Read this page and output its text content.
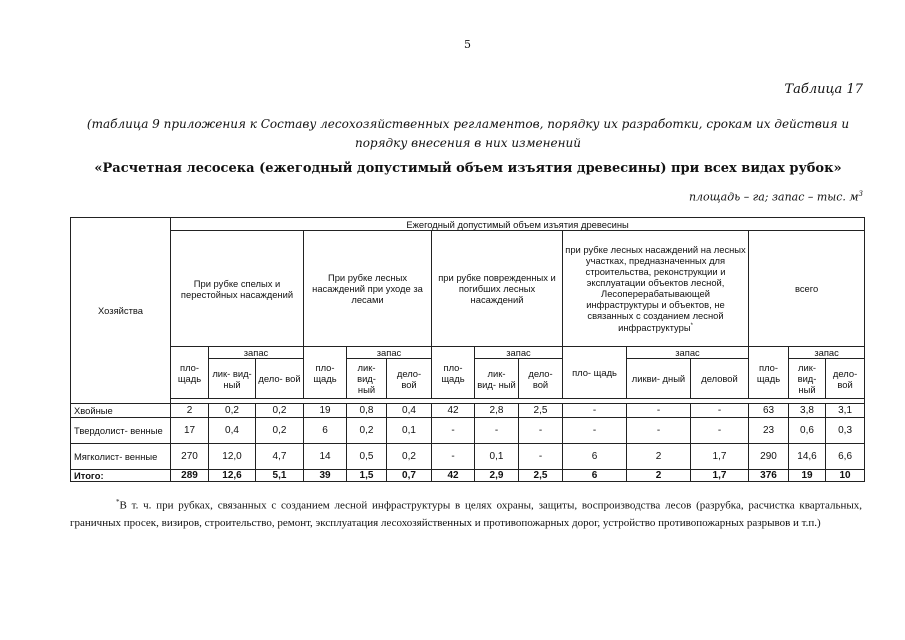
5
Таблица 17
(таблица 9 приложения к Составу лесохозяйственных регламентов, порядку их разработки, срокам их действия и порядку внесения в них изменений
«Расчетная лесосека (ежегодный допустимый объем изъятия древесины) при всех видах рубок»
площадь – га; запас – тыс. $м^3$
Хозяйства	Ежегодный допустимый объем изъятия древесины														
	При рубке спелых и перестойных насаждений			При рубке лесных насаждений при уходе за лесами			при рубке поврежденных и погибших лесных насаждений			при рубке лесных насаждений на лесных участках, предназначенных для строительства, реконструкции и эксплуатации объектов лесной, Лесоперерабатывающей инфраструктуры и объектов, не связанных с созданием лесной инфраструктуры*			всего		
	пло- щадь	запас		пло- щадь	запас		пло- щадь	запас		пло- щадь	запас		пло- щадь	запас	
		лик- вид- ный	дело- вой		лик- вид- ный	дело- вой		лик- вид- ный	дело- вой		ликви- дный	деловой		лик- вид- ный	дело- вой

Хвойные	2	0,2	0,2	19	0,8	0,4	42	2,8	2,5	-	-	-	63	3,8	3,1
Твердолист- венные	17	0,4	0,2	6	0,2	0,1	-	-	-	-	-	-	23	0,6	0,3
Мягколист- венные	270	12,0	4,7	14	0,5	0,2	-	0,1	-	6	2	1,7	290	14,6	6,6
Итого:	289	12,6	5,1	39	1,5	0,7	42	2,9	2,5	6	2	1,7	376	19	10
*В т. ч. при рубках, связанных с созданием лесной инфраструктуры в целях охраны, защиты, воспроизводства лесов (разрубка, расчистка квартальных, граничных просек, визиров, строительство, ремонт, эксплуатация лесохозяйственных и противопожарных дорог, устройство противопожарных разрывов и т.п.)
